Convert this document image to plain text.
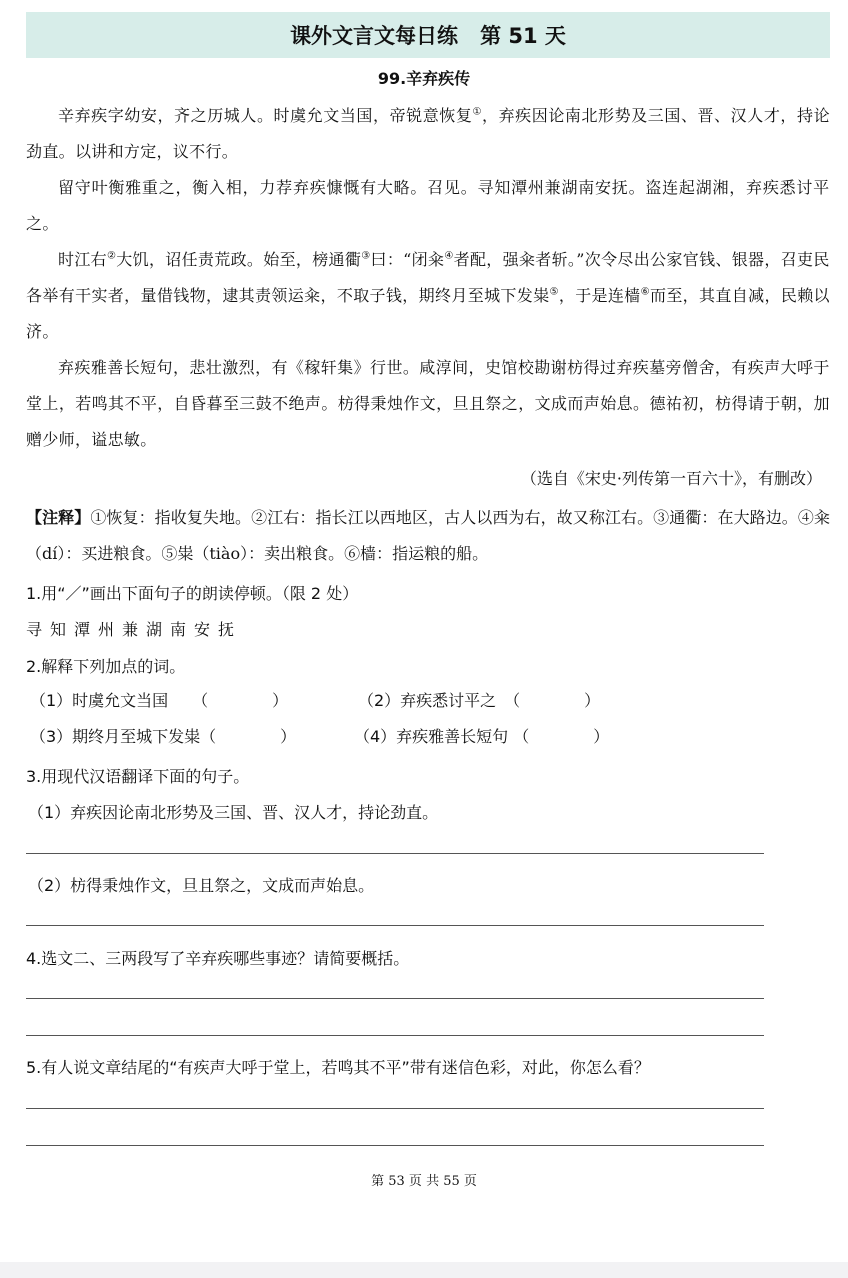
课外文言文每日练 第 51 天
99.辛弃疾传
辛弃疾字幼安，齐之历城人。时虞允文当国，帝锐意恢复①，弃疾因论南北形势及三国、晋、汉人才，持论劲直。以讲和方定，议不行。
留守叶衡雅重之，衡入相，力荐弃疾慷慨有大略。召见。寻知潭州兼湖南安抚。盗连起湖湘，弃疾悉讨平之。
时江右②大饥，诏任责荒政。始至，榜通衢③曰：“闭籴④者配，强籴者斩。”次令尽出公家官钱、银器，召吏民各举有干实者，量借钱物，逮其责领运籴，不取子钱，期终月至城下发粜⑤，于是连樯⑥而至，其直自减，民赖以济。
弃疾雅善长短句，悲壮激烈，有《稼轩集》行世。咸淳间，史馆校勘谢枋得过弃疾墓旁僧舍，有疾声大呼于堂上，若鸣其不平，自昏暮至三鼓不绝声。枋得秉烛作文，旦且祭之，文成而声始息。德祐初，枋得请于朝，加赠少师，谥忠敏。
（选自《宋史·列传第一百六十》，有删改）
【注释】①恢复：指收复失地。②江右：指长江以西地区，古人以西为右，故又称江右。③通衢：在大路边。④籴（dí）：买进粮食。⑤粜（tiào）：卖出粮食。⑥樯：指运粮的船。
1.用“／”画出下面句子的朗读停顿。（限 2 处）
寻知潭州兼湖南安抚
2.解释下列加点的词。
（1）时虞允文当国　　（　　　　）	（2）弃疾悉讨平之　（　　　　）
（3）期终月至城下发粜（　　　　）	（4）弃疾雅善长短句 （　　　　）
3.用现代汉语翻译下面的句子。
（1）弃疾因论南北形势及三国、晋、汉人才，持论劲直。
（2）枋得秉烛作文，旦且祭之，文成而声始息。
4.选文二、三两段写了辛弃疾哪些事迹？请简要概括。
5.有人说文章结尾的“有疾声大呼于堂上，若鸣其不平”带有迷信色彩，对此，你怎么看？
第 53 页 共 55 页
